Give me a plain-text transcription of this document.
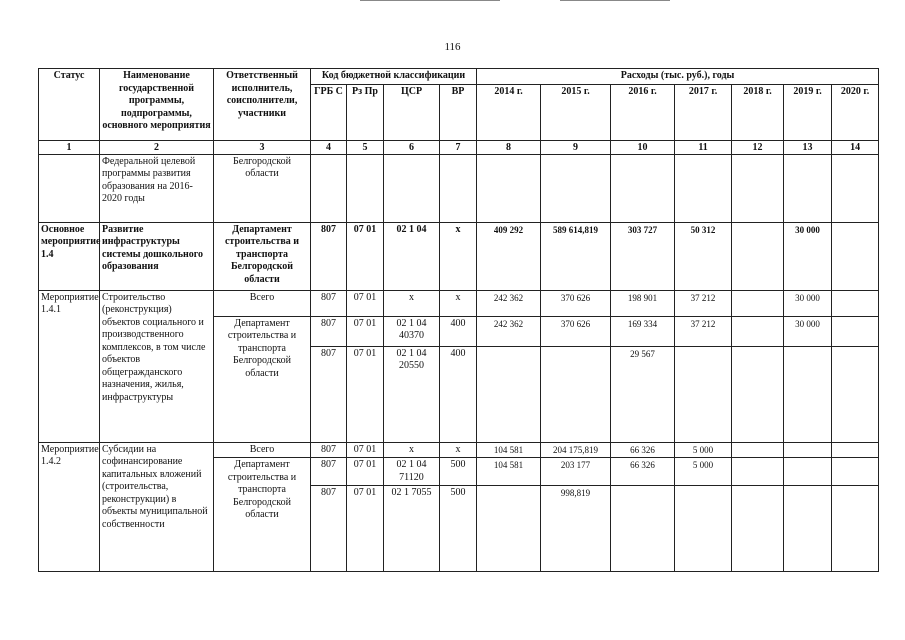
116
Статус	Наименование государственной программы, подпрограммы, основного мероприятия	Ответственный исполнитель, соисполнители, участники	Код бюджетной классификации				Расходы (тыс. руб.), годы						
			ГРБ С	Рз Пр	ЦСР	ВР	2014 г.	2015 г.	2016 г.	2017 г.	2018 г.	2019 г.	2020 г.
1	2	3	4	5	6	7	8	9	10	11	12	13	14
	Федеральной целевой программы развития образования на 2016-2020 годы	Белгородской области											
Основное мероприятие 1.4	Развитие инфраструктуры системы дошкольного образования	Департамент строительства и транспорта Белгородской области	807	07 01	02 1 04	x	409 292	589 614,819	303 727	50 312		30 000	
Мероприятие 1.4.1	Строительство (реконструкция) объектов социального и производственного комплексов, в том числе объектов общегражданского назначения, жилья, инфраструктуры	Всего	807	07 01	x	x	242 362	370 626	198 901	37 212		30 000	
		Департамент строительства и транспорта Белгородской области	807	07 01	02 1 04 40370	400	242 362	370 626	169 334	37 212		30 000	
			807	07 01	02 1 04 20550	400			29 567				
Мероприятие 1.4.2	Субсидии на софинансирование капитальных вложений (строительства, реконструкции) в объекты муниципальной собственности	Всего	807	07 01	x	x	104 581	204 175,819	66 326	5 000			
		Департамент строительства и транспорта Белгородской области	807	07 01	02 1 04 71120	500	104 581	203 177	66 326	5 000			
			807	07 01	02 1 7055	500		998,819					
